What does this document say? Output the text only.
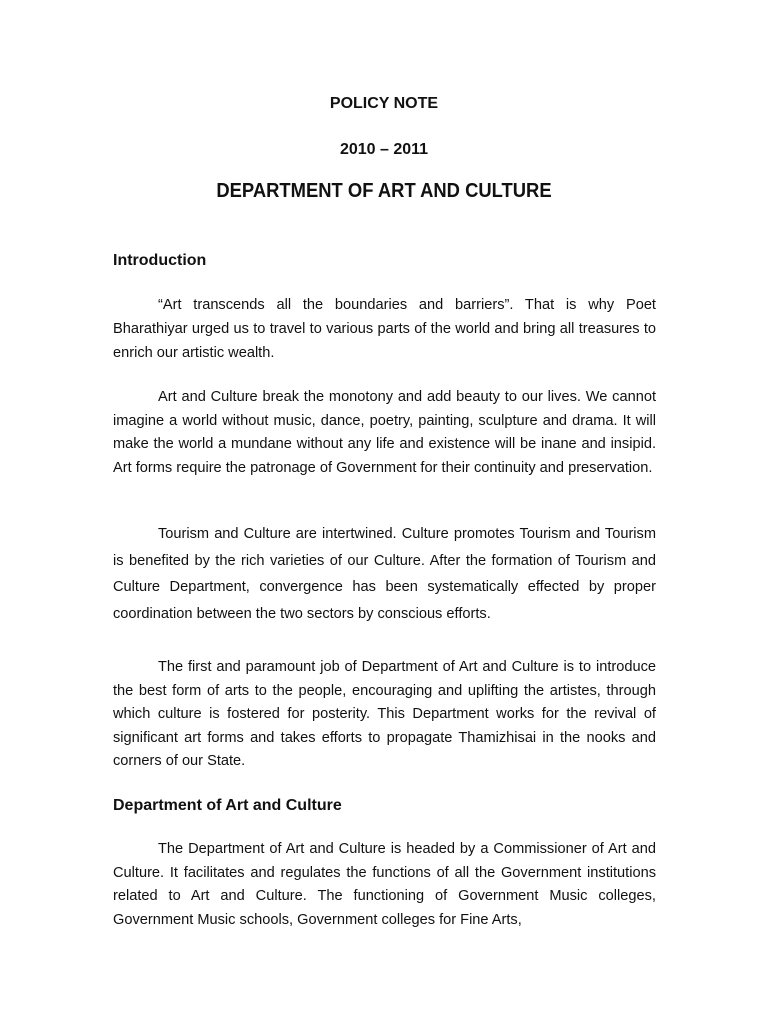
POLICY NOTE
2010 – 2011
DEPARTMENT OF ART AND CULTURE
Introduction

“Art transcends all the boundaries and barriers”. That is why Poet Bharathiyar urged us to travel to various parts of the world and bring all treasures to enrich our artistic wealth.

Art and Culture break the monotony and add beauty to our lives. We cannot imagine a world without music, dance, poetry, painting, sculpture and drama. It will make the world a mundane without any life and existence will be inane and insipid. Art forms require the patronage of Government for their continuity and preservation.

Tourism and Culture are intertwined. Culture promotes Tourism and Tourism is benefited by the rich varieties of our Culture. After the formation of Tourism and Culture Department, convergence has been systematically effected by proper coordination between the two sectors by conscious efforts.

The first and paramount job of Department of Art and Culture is to introduce the best form of arts to the people, encouraging and uplifting the artistes, through which culture is fostered for posterity. This Department works for the revival of significant art forms and takes efforts to propagate Thamizhisai in the nooks and corners of our State.

Department of Art and Culture

The Department of Art and Culture is headed by a Commissioner of Art and Culture. It facilitates and regulates the functions of all the Government institutions related to Art and Culture. The functioning of Government Music colleges, Government Music schools, Government colleges for Fine Arts,
